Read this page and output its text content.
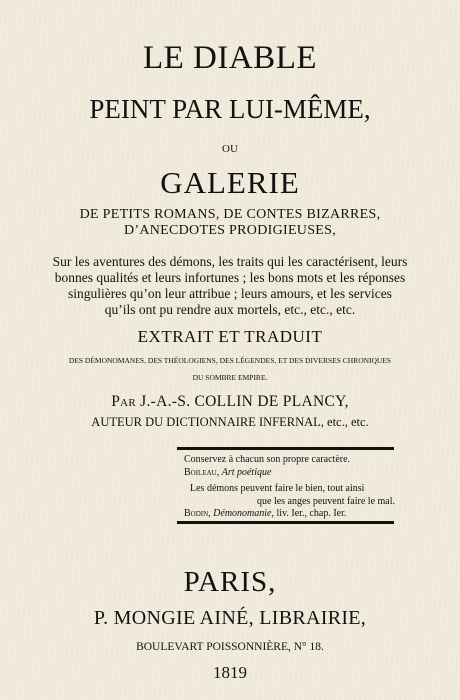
LE DIABLE
PEINT PAR LUI-MÊME,
OU
GALERIE
DE PETITS ROMANS, DE CONTES BIZARRES,
D’ANECDOTES PRODIGIEUSES,
Sur les aventures des démons, les traits qui les caractérisent, leurs
bonnes qualités et leurs infortunes ; les bons mots et les réponses
singulières qu’on leur attribue ; leurs amours, et les services
qu’ils ont pu rendre aux mortels, etc., etc., etc.
EXTRAIT ET TRADUIT
DES DÉMONOMANES, DES THÉOLOGIENS, DES LÉGENDES, ET DES DIVERSES CHRONIQUES
DU SOMBRE EMPIRE.
Par J.-A.-S. COLLIN DE PLANCY,
AUTEUR DU DICTIONNAIRE INFERNAL, etc., etc.
Conservez à chacun son propre caractère.
Boileau, Art poétique
Les démons peuvent faire le bien, tout ainsi
que les anges peuvent faire le mal.
Bodin, Démonomanie, liv. Ier., chap. Ier.
PARIS,
P. MONGIE AINÉ, LIBRAIRIE,
BOULEVART POISSONNIÈRE, N° 18.
1819
